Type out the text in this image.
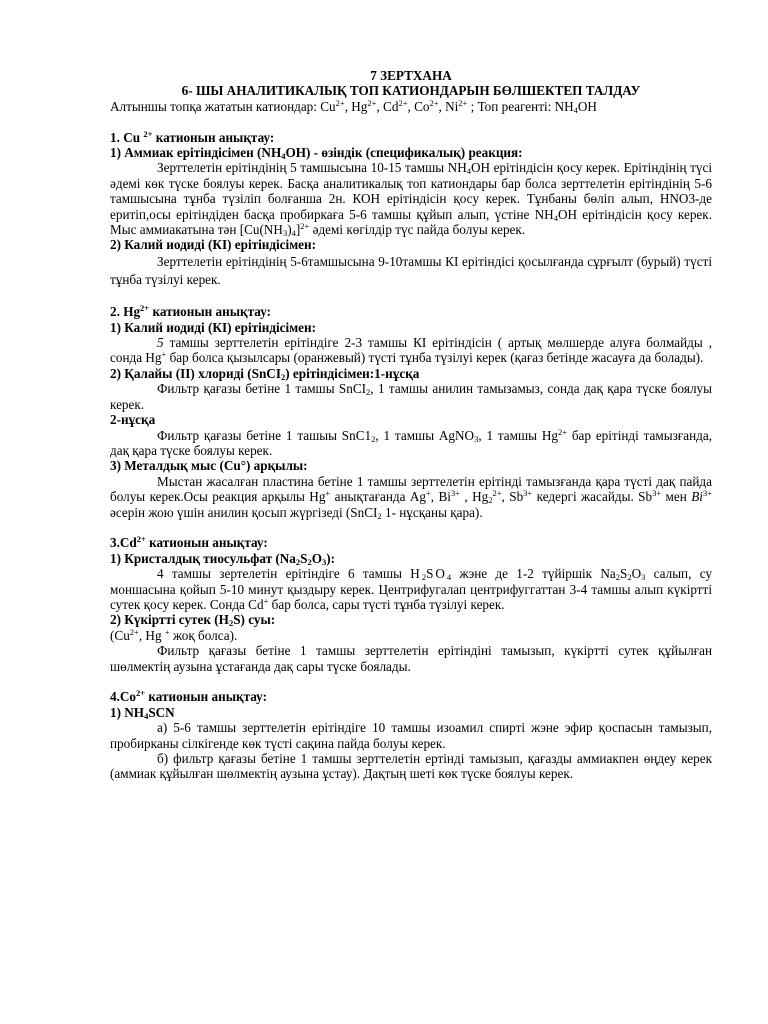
7 ЗЕРТХАНА

6- ШЫ АНАЛИТИКАЛЫҚ ТОП КАТИОНДАРЫН БӨЛШЕКТЕП ТАЛДАУ

Алтыншы топқа жататын катиондар: $Cu^{2+}$, $Hg^{2+}$, $Cd^{2+}$, $Co^{2+}$, $Ni^{2+}$ ; Топ реагенті: $NH_4OH$

1. Cu $^{2+}$ катионын анықтау:

1) Аммиак ерітіндісімен $(NH_4OH)$ - өзіндік (спецификалық) реакция:

Зерттелетін ерітіндінің 5 тамшысына 10-15 тамшы $NH_4OH$ ерітіндісін қосу керек. Ерітіндінің түсі әдемі көк түске боялуы керек. Басқа аналитикалық топ катиондары бар болса зерттелетін ерітіндінің 5-6 тамшысына тұнба түзіліп болғанша 2н. КОН ерітіндісін қосу керек. Тұнбаны бөліп алып, HNO3-де еритіп,осы ерітіндіден басқа пробиркаға 5-6 тамшы құйып алып, үстіне $NH_4OH$ ерітіндісін қосу керек. Мыс аммиакатына тән $[Cu(NH_3)_4]^{2+}$ әдемі көгілдір түс пайда болуы керек.

2) Калий иодиді (КІ) ерітіндісімен:

Зерттелетін ерітіндінің 5-6тамшысына 9-10тамшы КІ ерітіндісі қосылғанда сұрғылт (бурый) түсті тұнба түзілуі керек.

2. $Hg^{2+}$ катионын анықтау:

1) Калий иодиді (КІ) ерітіндісімен:

5 тамшы зерттелетін ерітіндіге 2-3 тамшы КІ ерітіндісін ( артық мөлшерде алуға болмайды , сонда Hg+ бар болса қызылсары (оранжевый) түсті тұнба түзілуі керек (қағаз бетінде жасауға да болады).

2) Қалайы (ІІ) хлориді (SnCI$_2$) ерітіндісімен:1-нұсқа

Фильтр қағазы бетіне 1 тамшы SnCI$_2$, 1 тамшы анилин тамызамыз, сонда дақ қара түске боялуы керек.

2-нұсқа

Фильтр қағазы бетіне 1 ташыы $SnC1_2$, 1 тамшы AgNO$_3$, 1 тамшы $Hg^{2+}$ бар ерітінді тамызғанда, дақ қара түске боялуы керек.

3) Металдық мыс (Cu°) арқылы:

Мыстан жасалған пластина бетіне 1 тамшы зерттелетін ерітінді тамызғанда қара түсті дақ пайда болуы керек.Осы реакция арқылы Hg+ анықтағанда Ag+, $Bi^{3+}$ , $Hg_2^{2+}$, $Sb^{3+}$ кедергі жасайды. $Sb^{3+}$ мен $Bi^{3+}$ әсерін жою үшін анилин қосып жүргізеді (SnCI$_2$ 1- нұсқаны қара).

$3.Cd^{2+}$ катионын анықтау:

1) Кристалдық тиосульфат $(Na_2S_2O_3)$:

4 тамшы зертелетін ерітіндіге 6 тамшы $H_2SO_4$ жэне де 1-2 түйіршік $Na_2S_2O_3$ салып, су моншасына қойып 5-10 минут қыздыру керек. Центрифугалап центрифуггаттан 3-4 тамшы алып күкіртті сутек қосу керек. Сонда Cd+ бар болса, сары түсті тұнба түзілуі керек.

2) Күкіртті сутек $(H_2S)$ суы:

($Cu^{2+}$, Hg + жоқ болса).

Фильтр қағазы бетіне 1 тамшы зерттелетін ерітіндіні тамызып, күкіртті сутек құйылған шөлмектің аузына ұстағанда дақ сары түске боялады.

$4.Co^{2+}$ катионын анықтау:

1) $NH_4SCN$

а) 5-6 тамшы зерттелетін ерітіндіге 10 тамшы изоамил спирті жэне эфир қоспасын тамызып, пробирканы сілкігенде көк түсті сақина пайда болуы керек.

б) фильтр қағазы бетіне 1 тамшы зерттелетін ертінді тамызып, қағазды аммиакпен өңдеу керек (аммиак құйылған шөлмектің аузына ұстау). Дақтың шеті көк түске боялуы керек.
